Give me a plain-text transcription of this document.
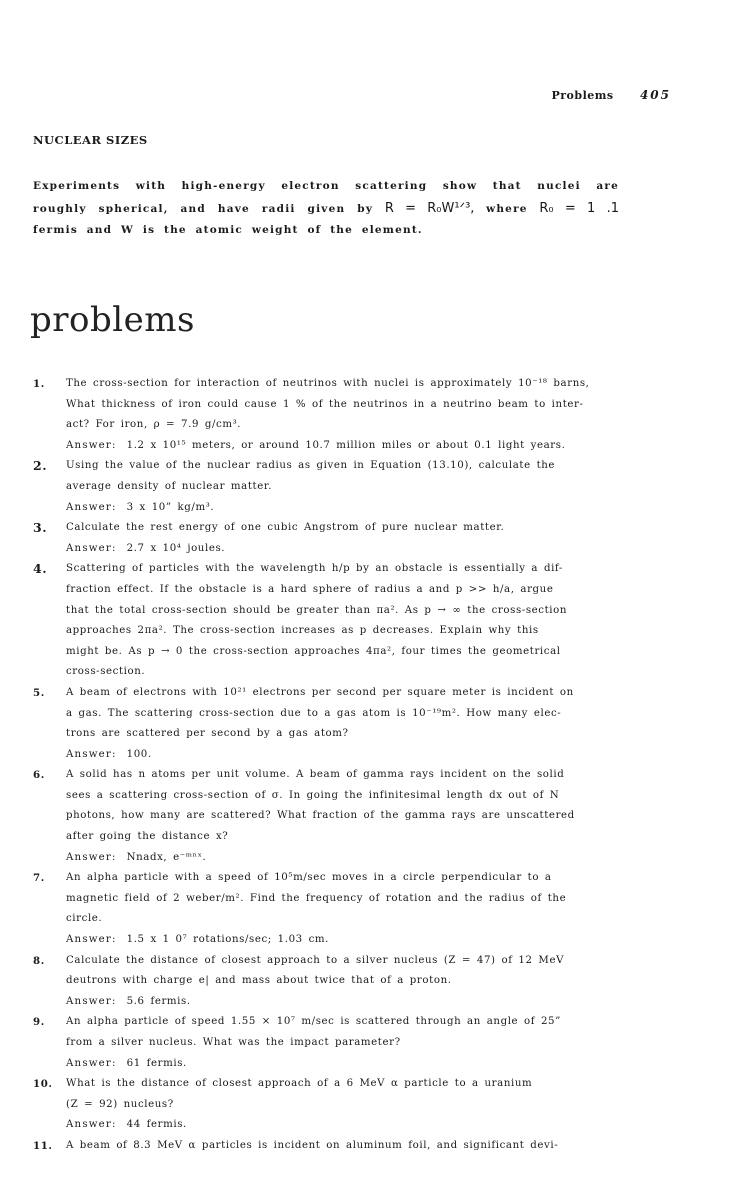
Problems 405
NUCLEAR SIZES
Experiments with high-energy electron scattering show that nuclei are roughly spherical, and have radii given by R = R₀W¹ᐟ³, where R₀ = 1 .1 fermis and W is the atomic weight of the element.
problems
1.	The cross-section for interaction of neutrinos with nuclei is approximately 10⁻¹⁸ barns,
What thickness of iron could cause 1 % of the neutrinos in a neutrino beam to inter-
act? For iron, ρ = 7.9 g/cm³.
Answer: 1.2 x 10¹⁵ meters, or around 10.7 million miles or about 0.1 light years.
2.	Using the value of the nuclear radius as given in Equation (13.10), calculate the
average density of nuclear matter.
Answer: 3 x 10” kg/m³.
3.	Calculate the rest energy of one cubic Angstrom of pure nuclear matter.
Answer: 2.7 x 10⁴ joules.
4.	Scattering of particles with the wavelength h/p by an obstacle is essentially a dif-
fraction effect. If the obstacle is a hard sphere of radius a and p >> h/a, argue
that the total cross-section should be greater than πa². As p → ∞ the cross-section
approaches 2πa². The cross-section increases as p decreases. Explain why this
might be. As p → 0 the cross-section approaches 4πa², four times the geometrical
cross-section.
5.	A beam of electrons with 10²¹ electrons per second per square meter is incident on
a gas. The scattering cross-section due to a gas atom is 10⁻¹⁹m². How many elec-
trons are scattered per second by a gas atom?
Answer: 100.
6.	A solid has n atoms per unit volume. A beam of gamma rays incident on the solid
sees a scattering cross-section of σ. In going the infinitesimal length dx out of N
photons, how many are scattered? What fraction of the gamma rays are unscattered
after going the distance x?
Answer: Nnadx, e⁻ᵐⁿˣ.
7.	An alpha particle with a speed of 10⁵m/sec moves in a circle perpendicular to a
magnetic field of 2 weber/m². Find the frequency of rotation and the radius of the
circle.
Answer: 1.5 x 1 0⁷ rotations/sec; 1.03 cm.
8.	Calculate the distance of closest approach to a silver nucleus (Z = 47) of 12 MeV
deutrons with charge e| and mass about twice that of a proton.
Answer: 5.6 fermis.
9.	An alpha particle of speed 1.55 × 10⁷ m/sec is scattered through an angle of 25”
from a silver nucleus. What was the impact parameter?
Answer: 61 fermis.
10.	What is the distance of closest approach of a 6 MeV α particle to a uranium
(Z = 92) nucleus?
Answer: 44 fermis.
11.	A beam of 8.3 MeV α particles is incident on aluminum foil, and significant devi-
